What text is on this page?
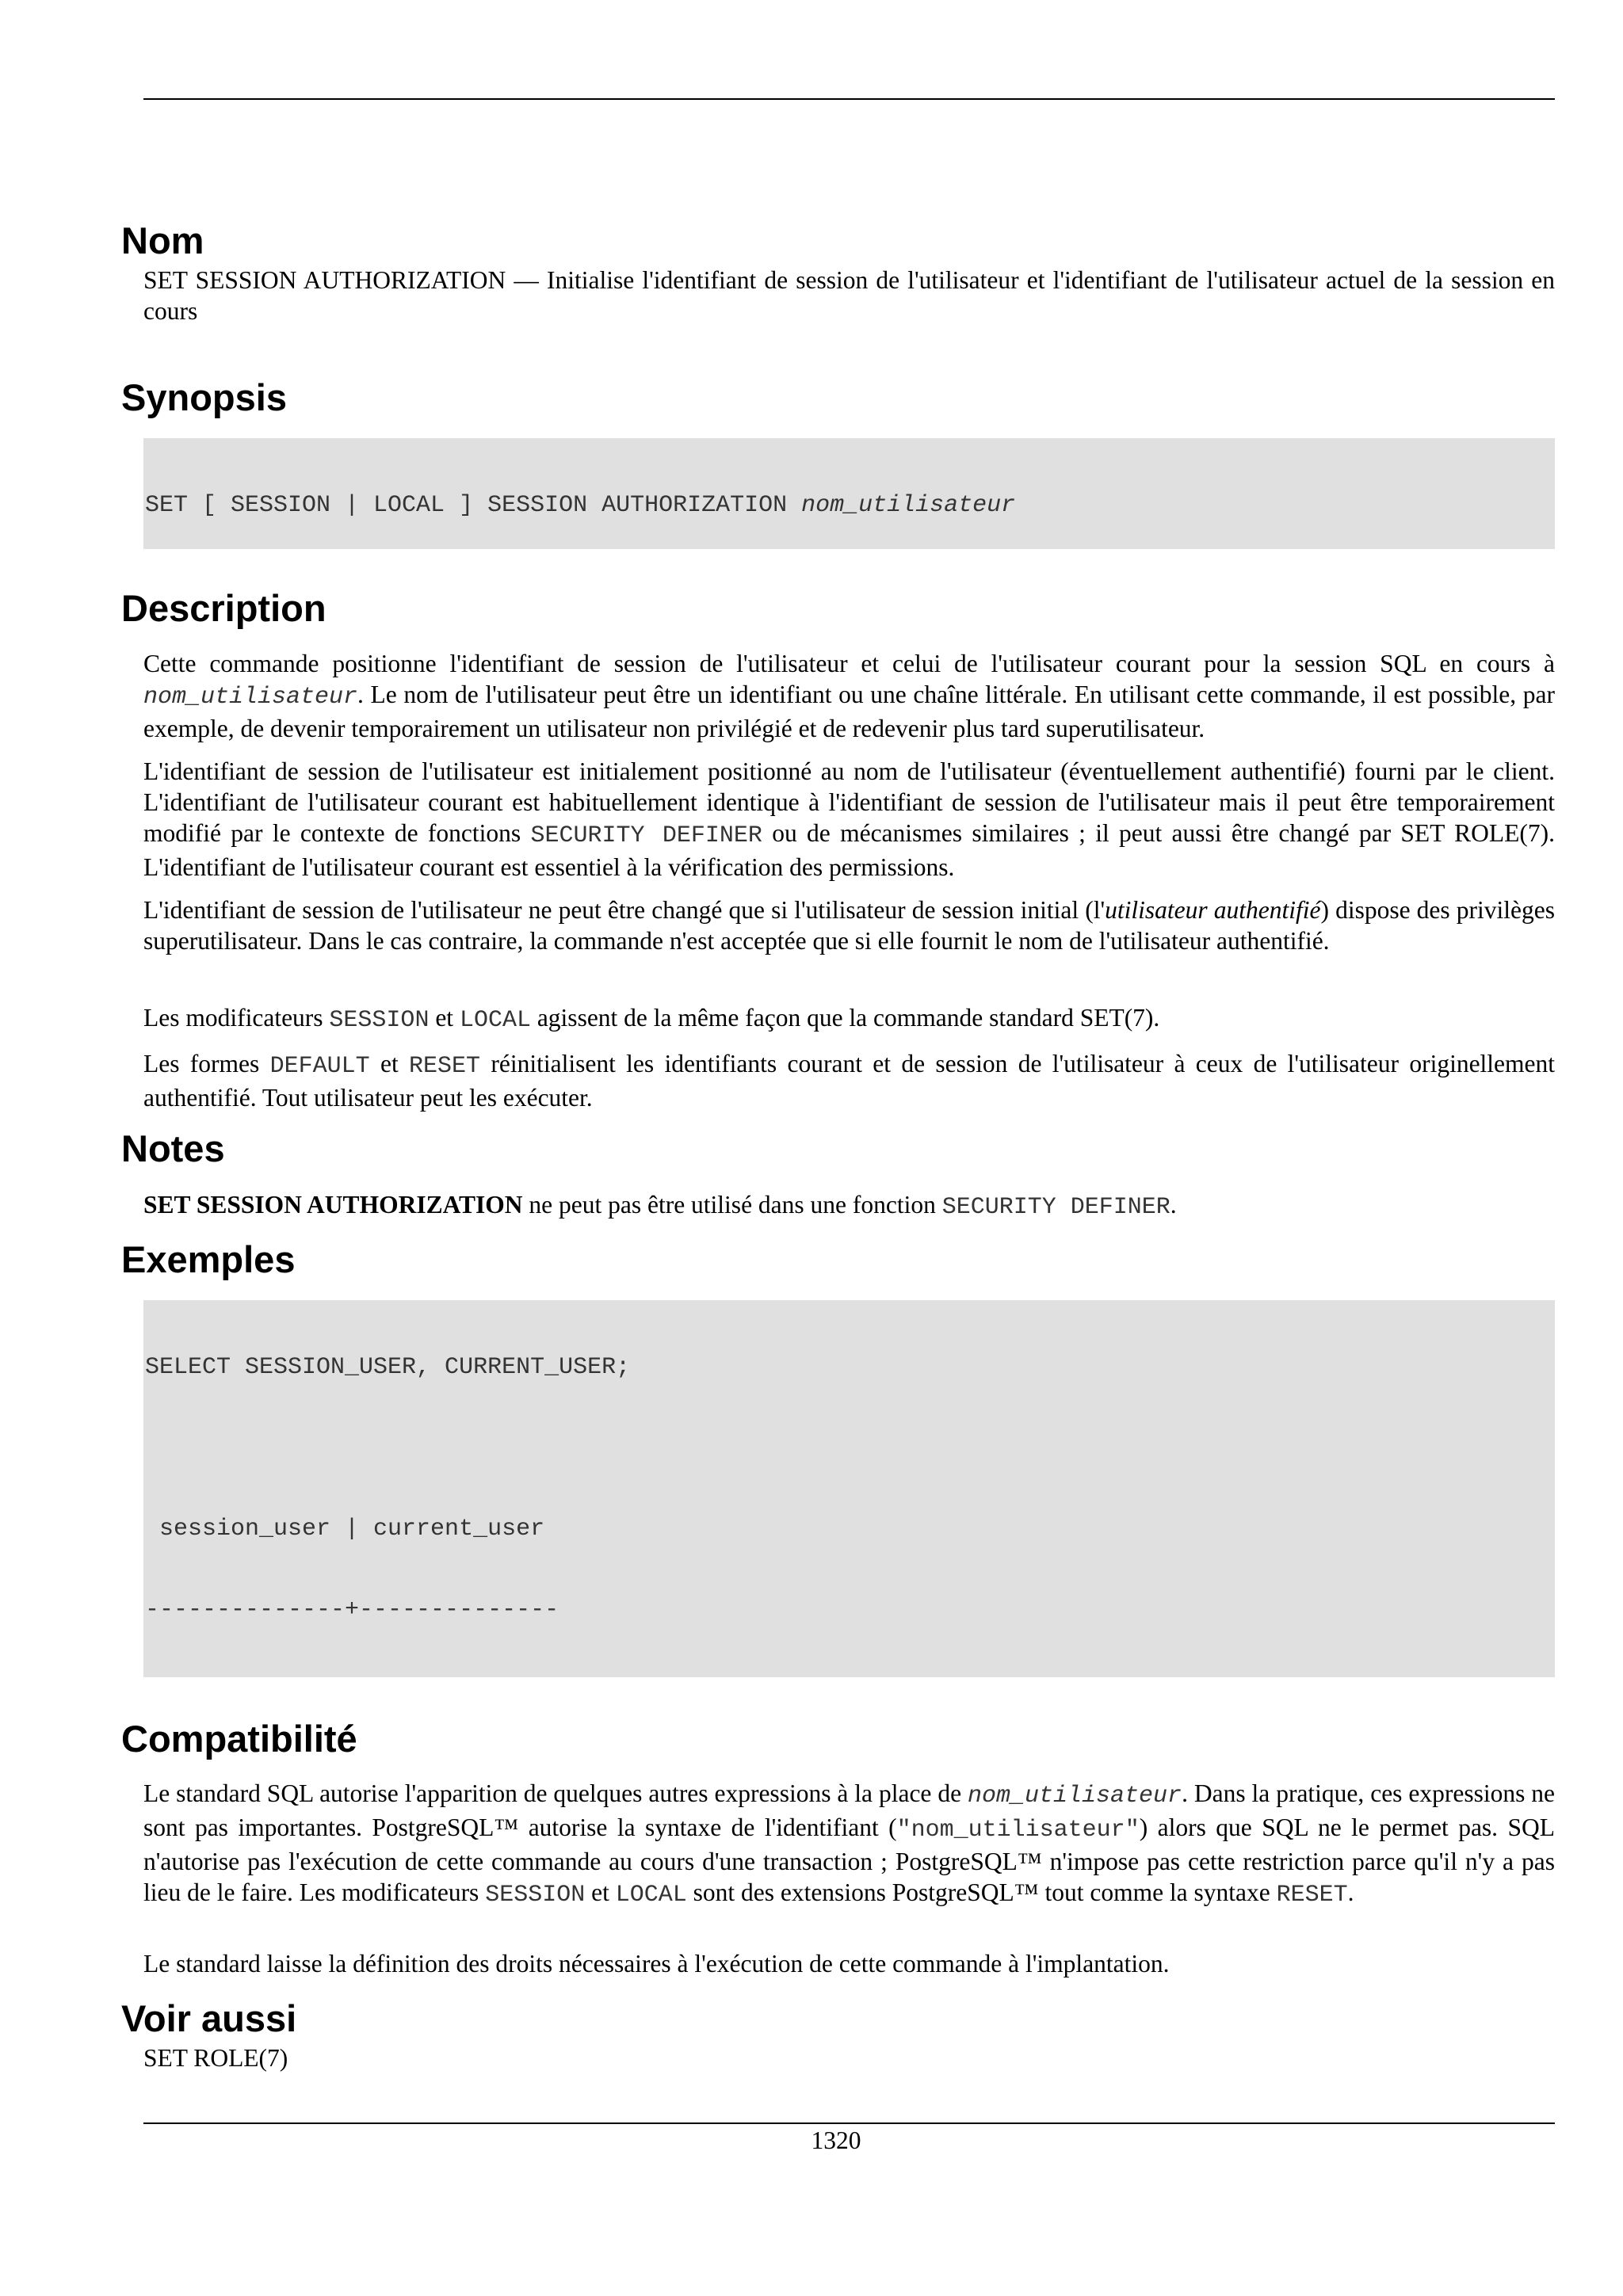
Nom

SET SESSION AUTHORIZATION — Initialise l'identifiant de session de l'utilisateur et l'identifiant de l'utilisateur actuel de la session en cours

Synopsis

SET [ SESSION | LOCAL ] SESSION AUTHORIZATION nom_utilisateur

Description

Cette commande positionne l'identifiant de session de l'utilisateur et celui de l'utilisateur courant pour la session SQL en cours à nom_utilisateur. Le nom de l'utilisateur peut être un identifiant ou une chaîne littérale. En utilisant cette commande, il est possible, par exemple, de devenir temporairement un utilisateur non privilégié et de redevenir plus tard superutilisateur.

L'identifiant de session de l'utilisateur est initialement positionné au nom de l'utilisateur (éventuellement authentifié) fourni par le client. L'identifiant de l'utilisateur courant est habituellement identique à l'identifiant de session de l'utilisateur mais il peut être temporairement modifié par le contexte de fonctions SECURITY DEFINER ou de mécanismes similaires ; il peut aussi être changé par SET ROLE(7). L'identifiant de l'utilisateur courant est essentiel à la vérification des permissions.

L'identifiant de session de l'utilisateur ne peut être changé que si l'utilisateur de session initial (l'utilisateur authentifié) dispose des privilèges superutilisateur. Dans le cas contraire, la commande n'est acceptée que si elle fournit le nom de l'utilisateur authentifié.

Les modificateurs SESSION et LOCAL agissent de la même façon que la commande standard SET(7).

Les formes DEFAULT et RESET réinitialisent les identifiants courant et de session de l'utilisateur à ceux de l'utilisateur originellement authentifié. Tout utilisateur peut les exécuter.

Notes

SET SESSION AUTHORIZATION ne peut pas être utilisé dans une fonction SECURITY DEFINER.

Exemples

SELECT SESSION_USER, CURRENT_USER;

session_user | current_user

--------------+--------------

Compatibilité

Le standard SQL autorise l'apparition de quelques autres expressions à la place de nom_utilisateur. Dans la pratique, ces expressions ne sont pas importantes. PostgreSQL™ autorise la syntaxe de l'identifiant ("nom_utilisateur") alors que SQL ne le permet pas. SQL n'autorise pas l'exécution de cette commande au cours d'une transaction ; PostgreSQL™ n'impose pas cette restriction parce qu'il n'y a pas lieu de le faire. Les modificateurs SESSION et LOCAL sont des extensions PostgreSQL™ tout comme la syntaxe RESET.

Le standard laisse la définition des droits nécessaires à l'exécution de cette commande à l'implantation.

Voir aussi

SET ROLE(7)

1320
